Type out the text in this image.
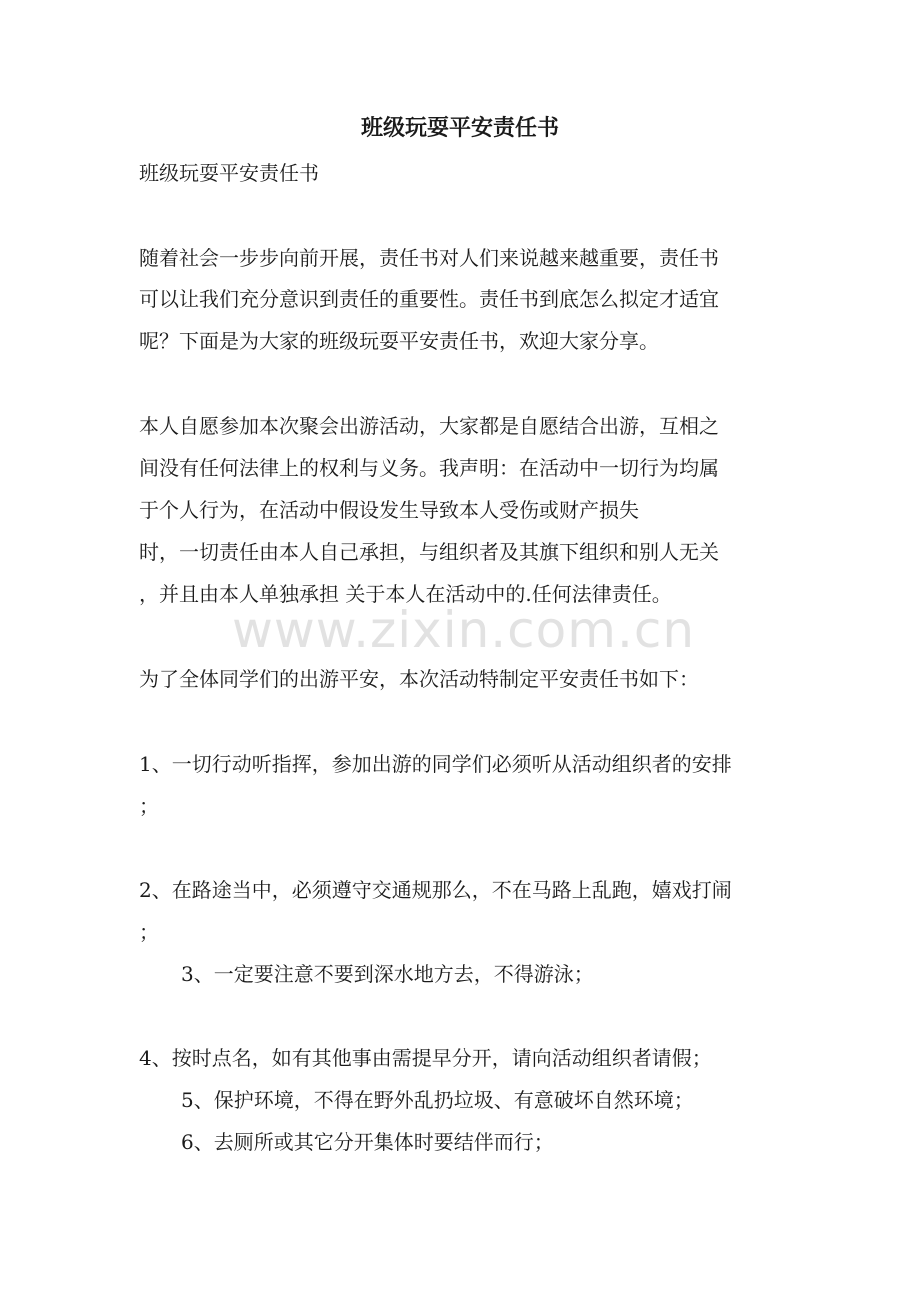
班级玩耍平安责任书
班级玩耍平安责任书
随着社会一步步向前开展，责任书对人们来说越来越重要，责任书
可以让我们充分意识到责任的重要性。责任书到底怎么拟定才适宜
呢？下面是为大家的班级玩耍平安责任书，欢迎大家分享。
本人自愿参加本次聚会出游活动，大家都是自愿结合出游，互相之
间没有任何法律上的权利与义务。我声明：在活动中一切行为均属
于个人行为，在活动中假设发生导致本人受伤或财产损失
时，一切责任由本人自己承担，与组织者及其旗下组织和别人无关
，并且由本人单独承担 关于本人在活动中的.任何法律责任。
www.zixin.com.cn
为了全体同学们的出游平安，本次活动特制定平安责任书如下：
1、一切行动听指挥，参加出游的同学们必须听从活动组织者的安排
；
2、在路途当中，必须遵守交通规那么，不在马路上乱跑，嬉戏打闹
；
3、一定要注意不要到深水地方去，不得游泳；
4、按时点名，如有其他事由需提早分开，请向活动组织者请假；
5、保护环境，不得在野外乱扔垃圾、有意破坏自然环境；
6、去厕所或其它分开集体时要结伴而行；
